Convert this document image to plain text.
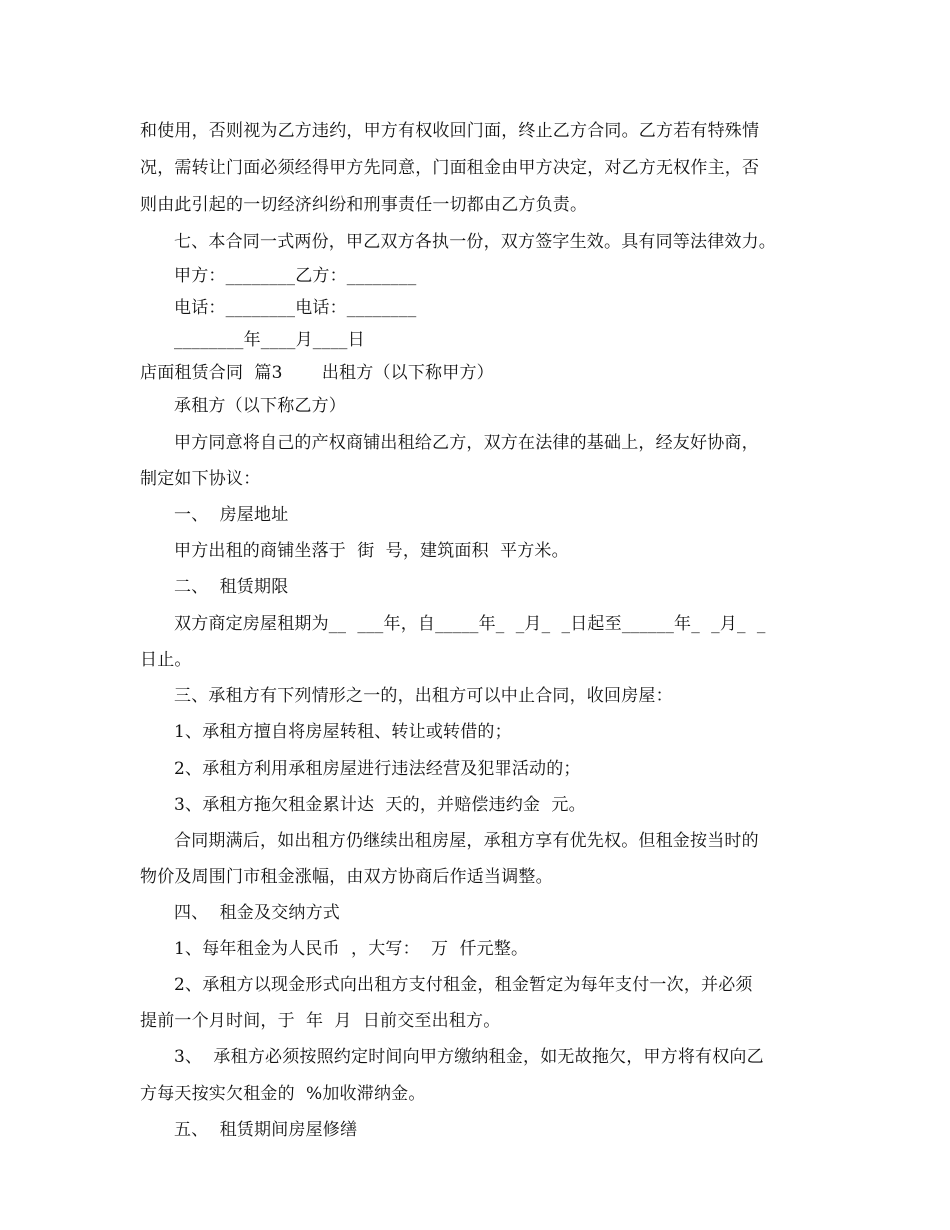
和使用，否则视为乙方违约，甲方有权收回门面，终止乙方合同。乙方若有特殊情

况，需转让门面必须经得甲方先同意，门面租金由甲方决定，对乙方无权作主，否

则由此引起的一切经济纠纷和刑事责任一切都由乙方负责。

七、本合同一式两份，甲乙双方各执一份，双方签字生效。具有同等法律效力。

甲方：________乙方：________

电话：________电话：________

________年____月____日

店面租赁合同  篇3       出租方（以下称甲方）

承租方（以下称乙方）

甲方同意将自己的产权商铺出租给乙方，双方在法律的基础上，经友好协商，

制定如下协议：

一、  房屋地址

甲方出租的商铺坐落于  街  号，建筑面积  平方米。

二、  租赁期限

双方商定房屋租期为__  ___年，自_____年_  _月_  _日起至______年_  _月_  _

日止。

三、承租方有下列情形之一的，出租方可以中止合同，收回房屋：

1、承租方擅自将房屋转租、转让或转借的；

2、承租方利用承租房屋进行违法经营及犯罪活动的；

3、承租方拖欠租金累计达  天的，并赔偿违约金  元。

合同期满后，如出租方仍继续出租房屋，承租方享有优先权。但租金按当时的

物价及周围门市租金涨幅，由双方协商后作适当调整。

四、  租金及交纳方式

1、每年租金为人民币  ，大写：  万  仟元整。

2、承租方以现金形式向出租方支付租金，租金暂定为每年支付一次，并必须

提前一个月时间，于  年  月  日前交至出租方。

3、  承租方必须按照约定时间向甲方缴纳租金，如无故拖欠，甲方将有权向乙

方每天按实欠租金的  %加收滞纳金。

五、  租赁期间房屋修缮
